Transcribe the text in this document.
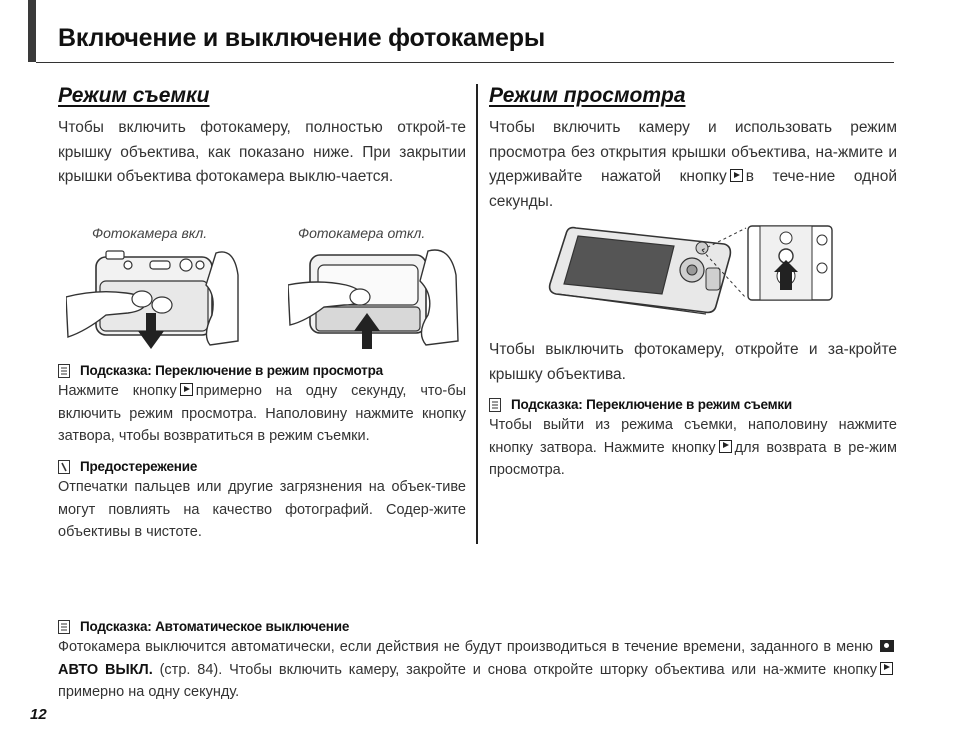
Включение и выключение фотокамеры
Режим съемки

Чтобы включить фотокамеру, полностью открой-те крышку объектива, как показано ниже. При закрытии крышки объектива фотокамера выклю-чается.

Фотокамера вкл.	Фотокамера откл.
Подсказка: Переключение в режим просмотра

Нажмите кнопку примерно на одну секунду, что-бы включить режим просмотра. Наполовину нажмите кнопку затвора, чтобы возвратиться в режим съемки.

Предостережение

Отпечатки пальцев или другие загрязнения на объек-тиве могут повлиять на качество фотографий. Содер-жите объективы в чистоте.

Режим просмотра

Чтобы включить камеру и использовать режим просмотра без открытия крышки объектива, на-жмите и удерживайте нажатой кнопку в тече-ние одной секунды.

Чтобы выключить фотокамеру, откройте и за-кройте крышку объектива.

Подсказка: Переключение в режим съемки

Чтобы выйти из режима съемки, наполовину нажмите кнопку затвора. Нажмите кнопку для возврата в ре-жим просмотра.

Подсказка: Автоматическое выключение

Фотокамера выключится автоматически, если действия не будут производиться в течение времени, заданного в меню  АВТО ВЫКЛ. (стр. 84). Чтобы включить камеру, закройте и снова откройте шторку объектива или на-жмите кнопкупримерно на одну секунду.

12
